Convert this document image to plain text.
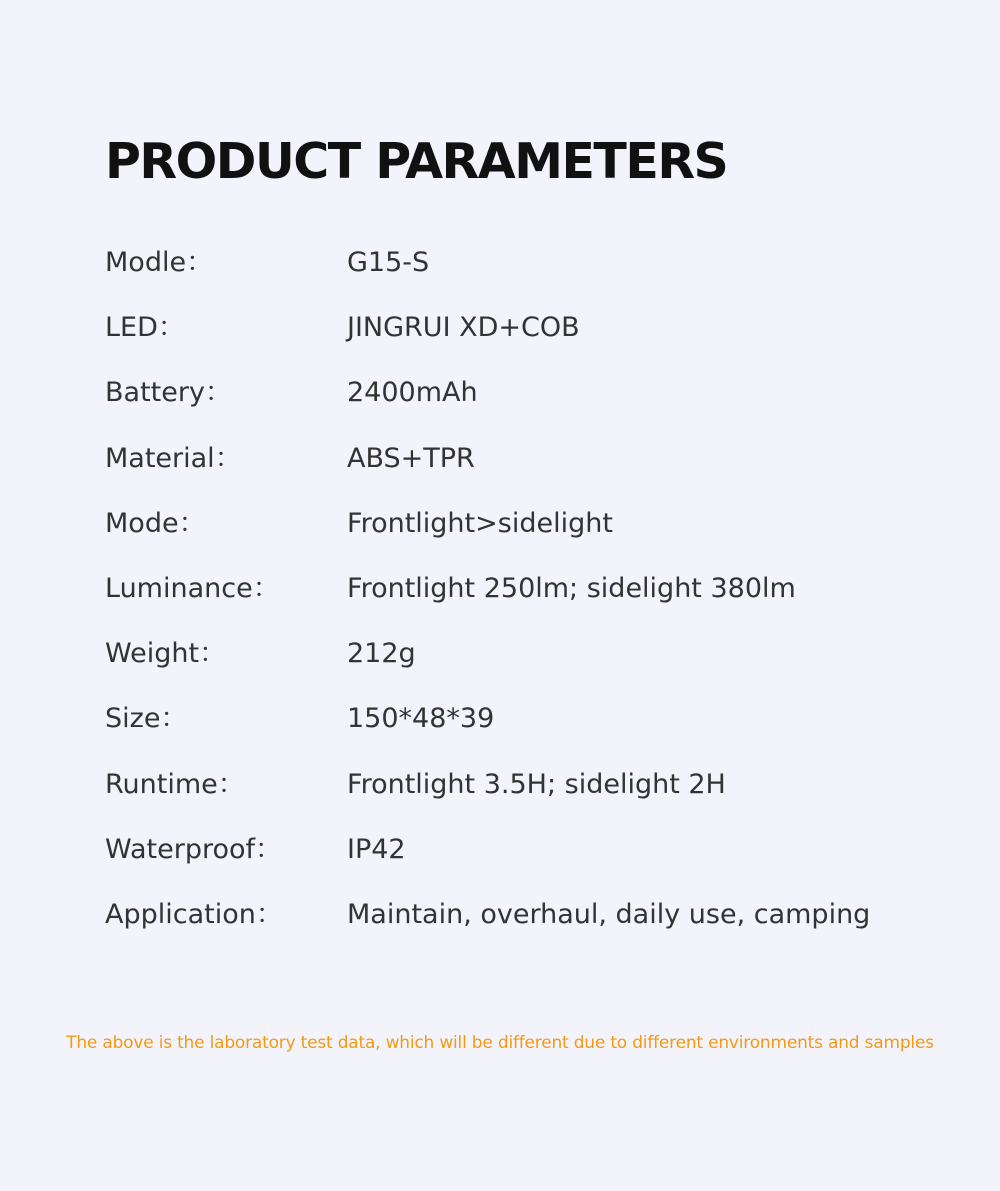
PRODUCT PARAMETERS
Modle：	G15-S
LED：	JINGRUI XD+COB
Battery：	2400mAh
Material：	ABS+TPR
Mode：	Frontlight>sidelight
Luminance： Frontlight 250lm; sidelight 380lm
Weight：	212g
Size：	150*48*39
Runtime：	Frontlight 3.5H; sidelight 2H
Waterproof： IP42
Application： Maintain, overhaul, daily use, camping
The above is the laboratory test data, which will be different due to different environments and samples
